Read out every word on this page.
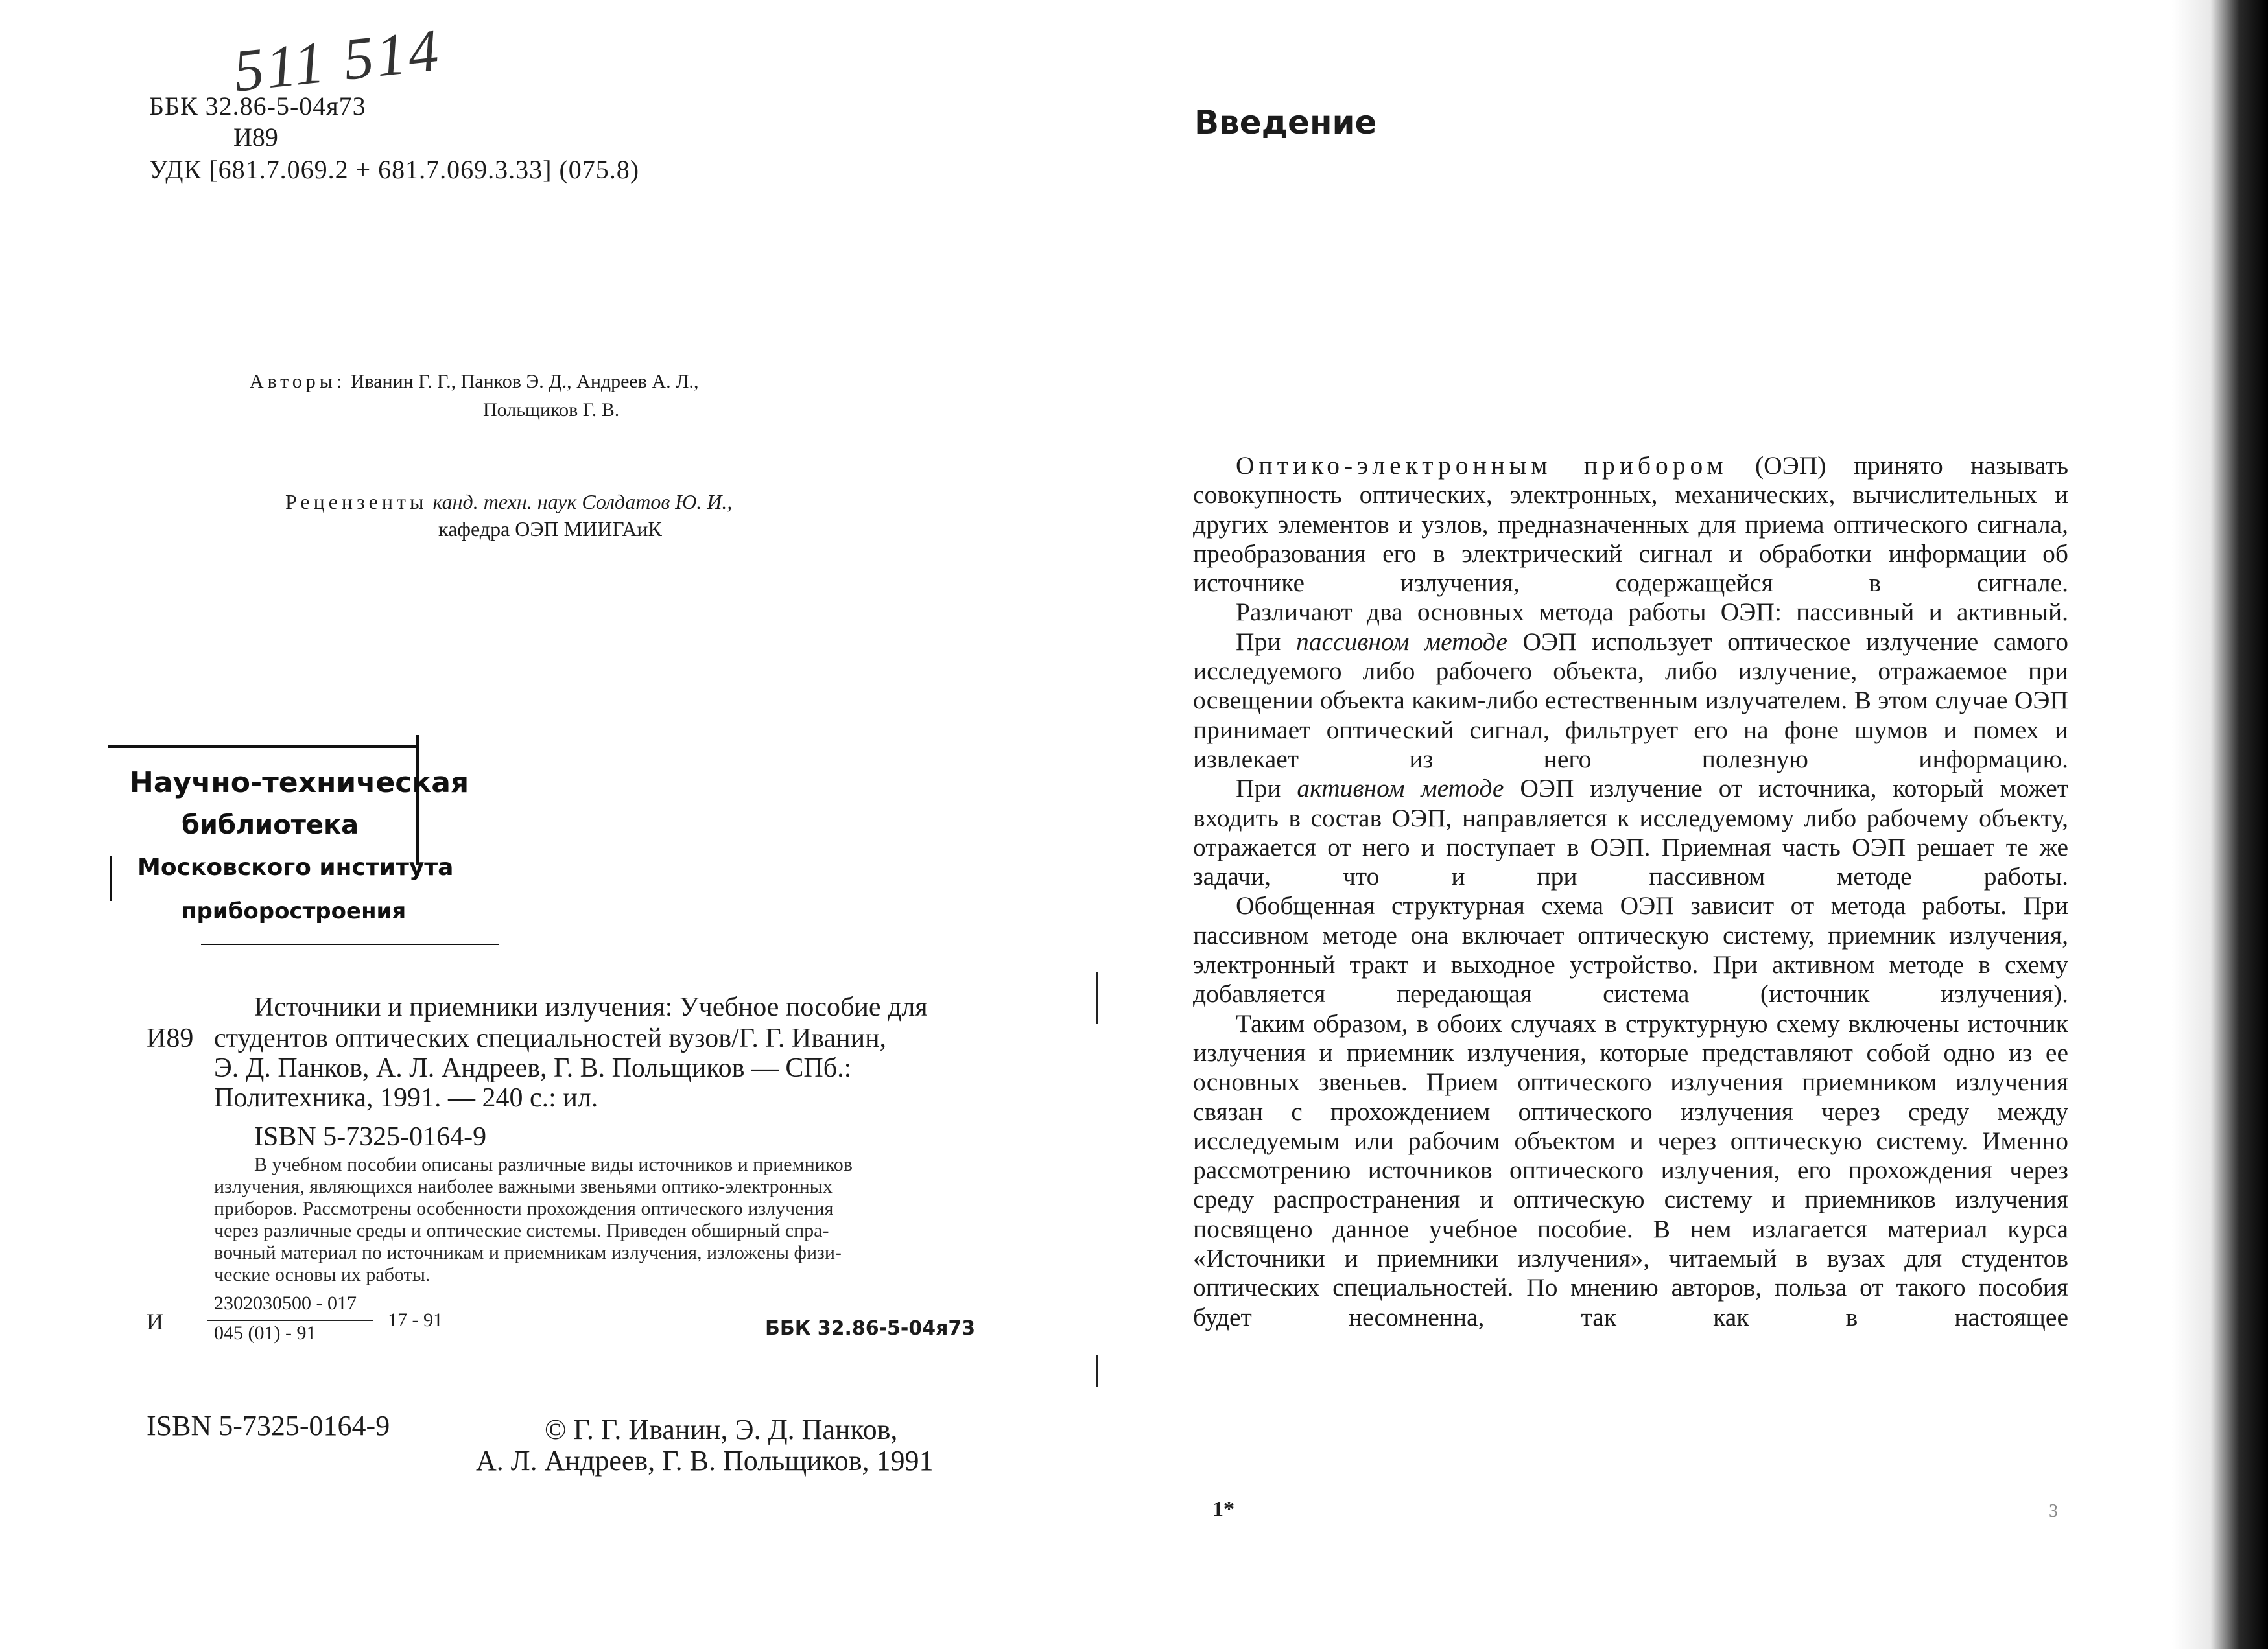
511 514
ББК 32.86-5-04я73
И89
УДК [681.7.069.2 + 681.7.069.3.33] (075.8)
Авторы: Иванин Г. Г., Панков Э. Д., Андреев А. Л.,
Польщиков Г. В.
Рецензенты канд. техн. наук Солдатов Ю. И.,
кафедра ОЭП МИИГАиК
Научно-техническая
библиотека
Московского института
приборостроения
И89
Источники и приемники излучения: Учебное пособие для
студентов оптических специальностей вузов/Г. Г. Иванин,
Э. Д. Панков, А. Л. Андреев, Г. В. Польщиков — СПб.:
Политехника, 1991. — 240 с.: ил.
ISBN 5-7325-0164-9
В учебном пособии описаны различные виды источников и приемников
излучения, являющихся наиболее важными звеньями оптико-электронных
приборов. Рассмотрены особенности прохождения оптического излучения
через различные среды и оптические системы. Приведен обширный спра-
вочный материал по источникам и приемникам излучения, изложены физи-
ческие основы их работы.
И
2302030500 - 017
045 (01) - 91
17 - 91	ББК 32.86-5-04я73
ISBN 5-7325-0164-9	© Г. Г. Иванин, Э. Д. Панков,
А. Л. Андреев, Г. В. Польщиков, 1991
Введение

Оптико-электронным прибором (ОЭП) принято называть совокупность оптических, электронных, механических, вычислительных и других элементов и узлов, предназначенных для приема оптического сигнала, преобразования его в электрический сигнал и обработки информации об источнике излучения, содержащейся в сигнале.

Различают два основных метода работы ОЭП: пассивный и активный.

При пассивном методе ОЭП использует оптическое излучение самого исследуемого либо рабочего объекта, либо излучение, отражаемое при освещении объекта каким-либо естественным излучателем. В этом случае ОЭП принимает оптический сигнал, фильтрует его на фоне шумов и помех и извлекает из него полезную информацию.

При активном методе ОЭП излучение от источника, который может входить в состав ОЭП, направляется к исследуемому либо рабочему объекту, отражается от него и поступает в ОЭП. Приемная часть ОЭП решает те же задачи, что и при пассивном методе работы.

Обобщенная структурная схема ОЭП зависит от метода работы. При пассивном методе она включает оптическую систему, приемник излучения, электронный тракт и выходное устройство. При активном методе в схему добавляется передающая система (источник излучения).

Таким образом, в обоих случаях в структурную схему включены источник излучения и приемник излучения, которые представляют собой одно из ее основных звеньев. Прием оптического излучения приемником излучения связан с прохождением оптического излучения через среду между исследуемым или рабочим объектом и через оптическую систему. Именно рассмотрению источников оптического излучения, его прохождения через среду распространения и оптическую систему и приемников излучения посвящено данное учебное пособие. В нем излагается материал курса «Источники и приемники излучения», читаемый в вузах для студентов оптических специальностей. По мнению авторов, польза от такого пособия будет несомненна, так как в настоящее

1*	3
